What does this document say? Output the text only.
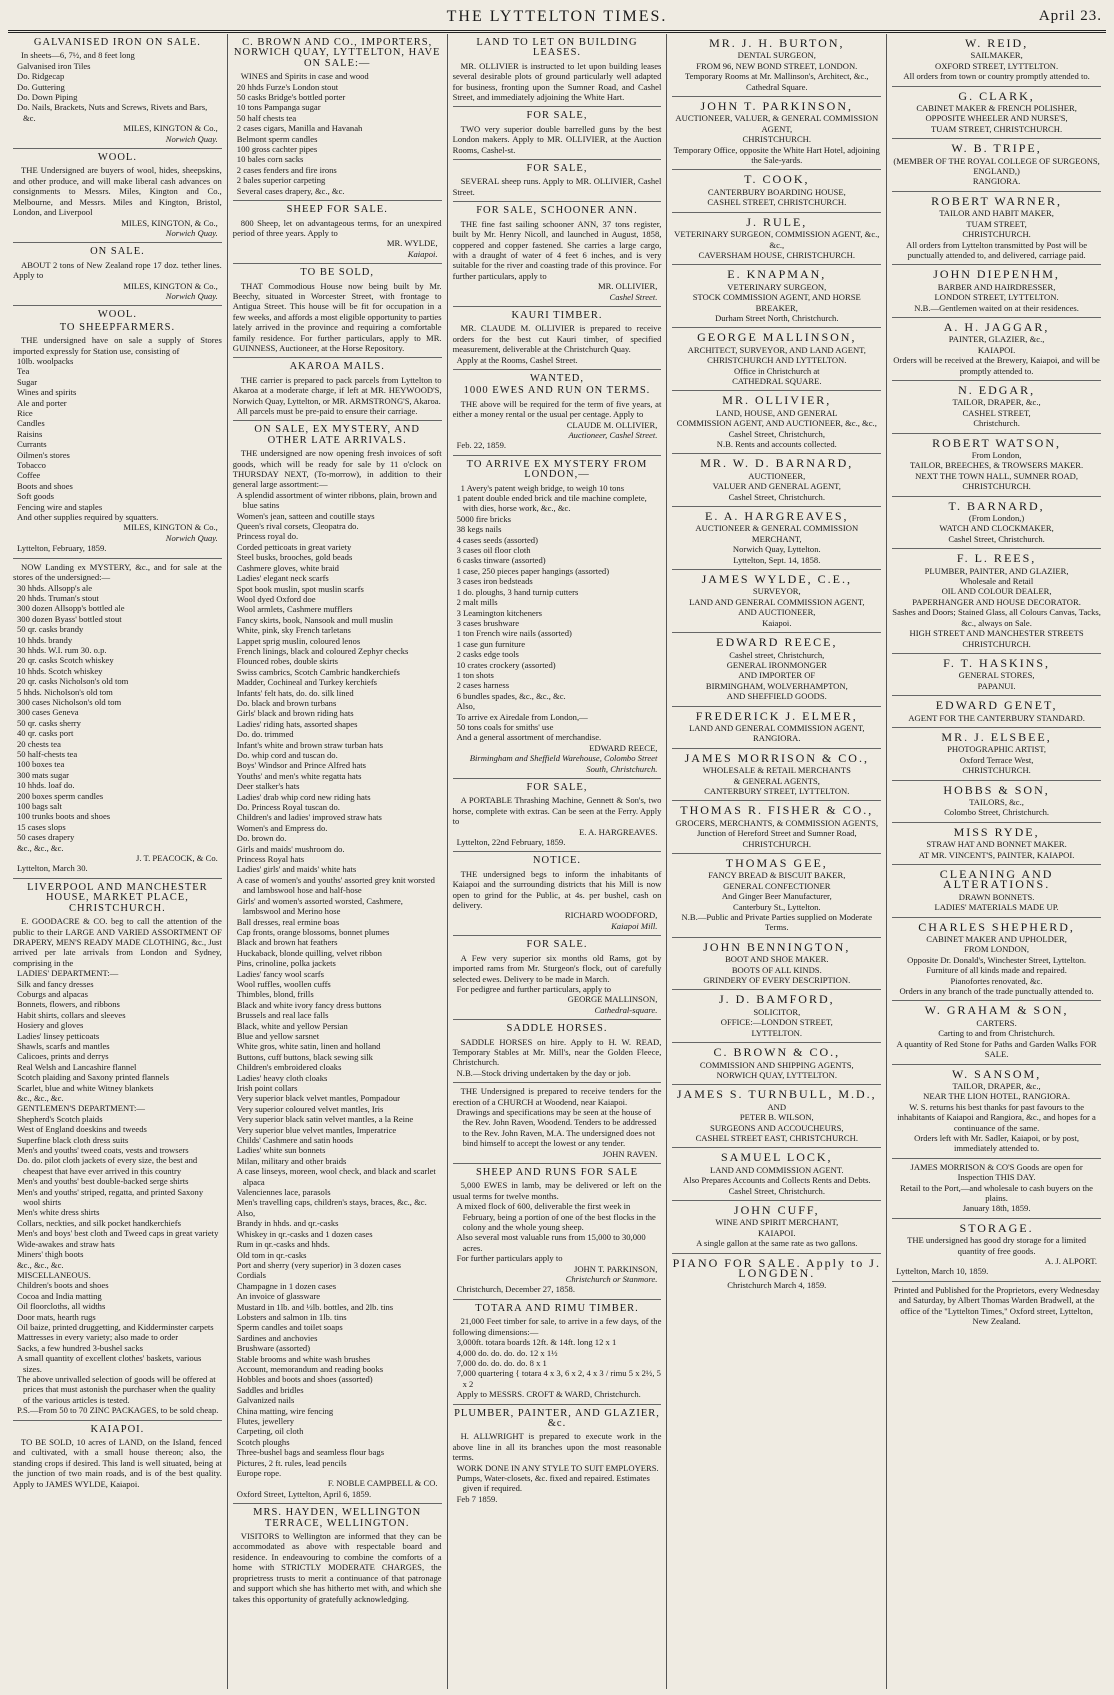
THE LYTTELTON TIMES.	April 23.
GALVANISED IRON ON SALE.
In sheets—6, 7½, and 8 feet long
Galvanised iron Tiles
Do. Ridgecap
Do. Guttering
Do. Down Piping
Do. Nails, Brackets, Nuts and Screws, Rivets and Bars, &c.
MILES, KINGTON & Co.,
Norwich Quay.
WOOL.
THE Undersigned are buyers of wool, hides, sheepskins, and other produce, and will make liberal cash advances on consignments to Messrs. Miles, Kington and Co., Melbourne, and Messrs. Miles and Kington, Bristol, London, and Liverpool
MILES, KINGTON, & Co.,
Norwich Quay.
ON SALE.
ABOUT 2 tons of New Zealand rope 17 doz. tether lines. Apply to
MILES, KINGTON & Co.,
Norwich Quay.
WOOL.
TO SHEEPFARMERS.
THE undersigned have on sale a supply of Stores imported expressly for Station use, consisting of
10lb. woolpacks
Tea
Sugar
Wines and spirits
Ale and porter
Rice
Candles
Raisins
Currants
Oilmen's stores
Tobacco
Coffee
Boots and shoes
Soft goods
Fencing wire and staples
And other supplies required by squatters.
MILES, KINGTON & Co.,
Norwich Quay.
Lyttelton, February, 1859.
NOW Landing ex MYSTERY, &c., and for sale at the stores of the undersigned:—
30 hhds. Allsopp's ale
20 hhds. Truman's stout
300 dozen Allsopp's bottled ale
300 dozen Byass' bottled stout
50 qr. casks brandy
10 hhds. brandy
30 hhds. W.I. rum 30. o.p.
20 qr. casks Scotch whiskey
10 hhds. Scotch whiskey
20 qr. casks Nicholson's old tom
5 hhds. Nicholson's old tom
300 cases Nicholson's old tom
300 cases Geneva
50 qr. casks sherry
40 qr. casks port
20 chests tea
50 half-chests tea
100 boxes tea
300 mats sugar
10 hhds. loaf do.
200 boxes sperm candles
100 bags salt
100 trunks boots and shoes
15 cases slops
50 cases drapery
&c., &c., &c.
J. T. PEACOCK, & Co.
Lyttelton, March 30.
LIVERPOOL AND MANCHESTER HOUSE, MARKET PLACE, CHRISTCHURCH.
E. GOODACRE & CO. beg to call the attention of the public to their LARGE AND VARIED ASSORTMENT OF DRAPERY, MEN'S READY MADE CLOTHING, &c., Just arrived per late arrivals from London and Sydney, comprising in the
LADIES' DEPARTMENT:—
Silk and fancy dresses
Coburgs and alpacas
Bonnets, flowers, and ribbons
Habit shirts, collars and sleeves
Hosiery and gloves
Ladies' linsey petticoats
Shawls, scarfs and mantles
Calicoes, prints and derrys
Real Welsh and Lancashire flannel
Scotch plaiding and Saxony printed flannels
Scarlet, blue and white Witney blankets
&c., &c., &c.
GENTLEMEN'S DEPARTMENT:—
Shepherd's Scotch plaids
West of England doeskins and tweeds
Superfine black cloth dress suits
Men's and youths' tweed coats, vests and trowsers
Do. do. pilot cloth jackets of every size, the best and cheapest that have ever arrived in this country
Men's and youths' best double-backed serge shirts
Men's and youths' striped, regatta, and printed Saxony wool shirts
Men's white dress shirts
Collars, neckties, and silk pocket handkerchiefs
Men's and boys' best cloth and Tweed caps in great variety
Wide-awakes and straw hats
Miners' thigh boots
&c., &c., &c.
MISCELLANEOUS.
Children's boots and shoes
Cocoa and India matting
Oil floorcloths, all widths
Door mats, hearth rugs
Oil baize, printed druggetting, and Kidderminster carpets
Mattresses in every variety; also made to order
Sacks, a few hundred 3-bushel sacks
A small quantity of excellent clothes' baskets, various sizes.
The above unrivalled selection of goods will be offered at prices that must astonish the purchaser when the quality of the various articles is tested.
P.S.—From 50 to 70 ZINC PACKAGES, to be sold cheap.
KAIAPOI.
TO BE SOLD, 10 acres of LAND, on the Island, fenced and cultivated, with a small house thereon; also, the standing crops if desired. This land is well situated, being at the junction of two main roads, and is of the best quality. Apply to JAMES WYLDE, Kaiapoi.
C. BROWN AND CO., IMPORTERS, NORWICH QUAY, LYTTELTON, HAVE ON SALE:—
WINES and Spirits in case and wood
20 hhds Furze's London stout
50 casks Bridge's bottled porter
10 tons Pampanga sugar
50 half chests tea
2 cases cigars, Manilla and Havanah
Belmont sperm candles
100 gross cachter pipes
10 bales corn sacks
2 cases fenders and fire irons
2 bales superior carpeting
Several cases drapery, &c., &c.
SHEEP FOR SALE.
800 Sheep, let on advantageous terms, for an unexpired period of three years. Apply to
MR. WYLDE,
Kaiapoi.
TO BE SOLD,
THAT Commodious House now being built by Mr. Beechy, situated in Worcester Street, with frontage to Antigua Street. This house will be fit for occupation in a few weeks, and affords a most eligible opportunity to parties lately arrived in the province and requiring a comfortable family residence. For further particulars, apply to MR. GUINNESS, Auctioneer, at the Horse Repository.
AKAROA MAILS.
THE carrier is prepared to pack parcels from Lyttelton to Akaroa at a moderate charge, if left at MR. HEYWOOD'S, Norwich Quay, Lyttelton, or MR. ARMSTRONG'S, Akaroa.
All parcels must be pre-paid to ensure their carriage.
ON SALE, EX MYSTERY, AND OTHER LATE ARRIVALS.
THE undersigned are now opening fresh invoices of soft goods, which will be ready for sale by 11 o'clock on THURSDAY NEXT, (To-morrow), in addition to their general large assortment:—
A splendid assortment of winter ribbons, plain, brown and blue satins
Women's jean, satteen and coutille stays
Queen's rival corsets, Cleopatra do.
Princess royal do.
Corded petticoats in great variety
Steel busks, brooches, gold beads
Cashmere gloves, white braid
Ladies' elegant neck scarfs
Spot book muslin, spot muslin scarfs
Wool dyed Oxford doe
Wool armlets, Cashmere mufflers
Fancy skirts, book, Nansook and mull muslin
White, pink, sky French tarletans
Lappet sprig muslin, coloured lenos
French linings, black and coloured Zephyr checks
Flounced robes, double skirts
Swiss cambrics, Scotch Cambric handkerchiefs
Madder, Cochineal and Turkey kerchiefs
Infants' felt hats, do. do. silk lined
Do. black and brown turbans
Girls' black and brown riding hats
Ladies' riding hats, assorted shapes
Do. do. trimmed
Infant's white and brown straw turban hats
Do. whip cord and tuscan do.
Boys' Windsor and Prince Alfred hats
Youths' and men's white regatta hats
Deer stalker's hats
Ladies' drab whip cord new riding hats
Do. Princess Royal tuscan do.
Children's and ladies' improved straw hats
Women's and Empress do.
Do. brown do.
Girls and maids' mushroom do.
Princess Royal hats
Ladies' girls' and maids' white hats
A case of women's and youths' assorted grey knit worsted and lambswool hose and half-hose
Girls' and women's assorted worsted, Cashmere, lambswool and Merino hose
Ball dresses, real ermine boas
Cap fronts, orange blossoms, bonnet plumes
Black and brown hat feathers
Huckaback, blonde quilling, velvet ribbon
Pins, crinoline, polka jackets
Ladies' fancy wool scarfs
Wool ruffles, woollen cuffs
Thimbles, blond, frills
Black and white ivory fancy dress buttons
Brussels and real lace falls
Black, white and yellow Persian
Blue and yellow sarsnet
White gros, white satin, linen and holland
Buttons, cuff buttons, black sewing silk
Children's embroidered cloaks
Ladies' heavy cloth cloaks
Irish point collars
Very superior black velvet mantles, Pompadour
Very superior coloured velvet mantles, Iris
Very superior black satin velvet mantles, a la Reine
Very superior blue velvet mantles, Imperatrice
Childs' Cashmere and satin hoods
Ladies' white sun bonnets
Milan, military and other braids
A case linseys, moreen, wool check, and black and scarlet alpaca
Valenciennes lace, parasols
Men's travelling caps, children's stays, braces, &c., &c.
Also,
Brandy in hhds. and qr.-casks
Whiskey in qr.-casks and 1 dozen cases
Rum in qr.-casks and hhds.
Old tom in qr.-casks
Port and sherry (very superior) in 3 dozen cases
Cordials
Champagne in 1 dozen cases
An invoice of glassware
Mustard in 1lb. and ½lb. bottles, and 2lb. tins
Lobsters and salmon in 1lb. tins
Sperm candles and toilet soaps
Sardines and anchovies
Brushware (assorted)
Stable brooms and white wash brushes
Account, memorandum and reading books
Hobbles and boots and shoes (assorted)
Saddles and bridles
Galvanized nails
China matting, wire fencing
Flutes, jewellery
Carpeting, oil cloth
Scotch ploughs
Three-bushel bags and seamless flour bags
Pictures, 2 ft. rules, lead pencils
Europe rope.
F. NOBLE CAMPBELL & CO.
Oxford Street, Lyttelton, April 6, 1859.
MRS. HAYDEN, WELLINGTON TERRACE, WELLINGTON.
VISITORS to Wellington are informed that they can be accommodated as above with respectable board and residence. In endeavouring to combine the comforts of a home with STRICTLY MODERATE CHARGES, the proprietress trusts to merit a continuance of that patronage and support which she has hitherto met with, and which she takes this opportunity of gratefully acknowledging.
LAND TO LET ON BUILDING LEASES.
MR. OLLIVIER is instructed to let upon building leases several desirable plots of ground particularly well adapted for business, fronting upon the Sumner Road, and Cashel Street, and immediately adjoining the White Hart.
FOR SALE,
TWO very superior double barrelled guns by the best London makers. Apply to MR. OLLIVIER, at the Auction Rooms, Cashel-st.
FOR SALE,
SEVERAL sheep runs. Apply to MR. OLLIVIER, Cashel Street.
FOR SALE, SCHOONER ANN.
THE fine fast sailing schooner ANN, 37 tons register, built by Mr. Henry Nicoll, and launched in August, 1858, coppered and copper fastened. She carries a large cargo, with a draught of water of 4 feet 6 inches, and is very suitable for the river and coasting trade of this province. For further particulars, apply to
MR. OLLIVIER,
Cashel Street.
KAURI TIMBER.
MR. CLAUDE M. OLLIVIER is prepared to receive orders for the best cut Kauri timber, of specified measurement, deliverable at the Christchurch Quay.
Apply at the Rooms, Cashel Street.
WANTED,
1000 EWES AND RUN ON TERMS.
THE above will be required for the term of five years, at either a money rental or the usual per centage. Apply to
CLAUDE M. OLLIVIER,
Auctioneer, Cashel Street.
Feb. 22, 1859.
TO ARRIVE EX MYSTERY FROM LONDON,—
1 Avery's patent weigh bridge, to weigh 10 tons
1 patent double ended brick and tile machine complete, with dies, horse work, &c., &c.
5000 fire bricks
38 kegs nails
4 cases seeds (assorted)
3 cases oil floor cloth
6 casks tinware (assorted)
1 case, 250 pieces paper hangings (assorted)
3 cases iron bedsteads
1 do. ploughs, 3 hand turnip cutters
2 malt mills
3 Leamington kitcheners
3 cases brushware
1 ton French wire nails (assorted)
1 case gun furniture
2 casks edge tools
10 crates crockery (assorted)
1 ton shots
2 cases harness
6 bundles spades, &c., &c., &c.
Also,
To arrive ex Airedale from London,—
50 tons coals for smiths' use
And a general assortment of merchandise.
EDWARD REECE,
Birmingham and Sheffield Warehouse, Colombo Street South, Christchurch.
FOR SALE,
A PORTABLE Thrashing Machine, Gennett & Son's, two horse, complete with extras. Can be seen at the Ferry. Apply to
E. A. HARGREAVES.
Lyttelton, 22nd February, 1859.
NOTICE.
THE undersigned begs to inform the inhabitants of Kaiapoi and the surrounding districts that his Mill is now open to grind for the Public, at 4s. per bushel, cash on delivery.
RICHARD WOODFORD,
Kaiapoi Mill.
FOR SALE.
A Few very superior six months old Rams, got by imported rams from Mr. Sturgeon's flock, out of carefully selected ewes. Delivery to be made in March.
For pedigree and further particulars, apply to
GEORGE MALLINSON,
Cathedral-square.
SADDLE HORSES.
SADDLE HORSES on hire. Apply to H. W. READ, Temporary Stables at Mr. Mill's, near the Golden Fleece, Christchurch.
N.B.—Stock driving undertaken by the day or job.
THE Undersigned is prepared to receive tenders for the erection of a CHURCH at Woodend, near Kaiapoi.
Drawings and specifications may be seen at the house of the Rev. John Raven, Woodend. Tenders to be addressed to the Rev. John Raven, M.A. The undersigned does not bind himself to accept the lowest or any tender.
JOHN RAVEN.
SHEEP AND RUNS FOR SALE
5,000 EWES in lamb, may be delivered or left on the usual terms for twelve months.
A mixed flock of 600, deliverable the first week in February, being a portion of one of the best flocks in the colony and the whole young sheep.
Also several most valuable runs from 15,000 to 30,000 acres.
For further particulars apply to
JOHN T. PARKINSON,
Christchurch or Stanmore.
Christchurch, December 27, 1858.
TOTARA AND RIMU TIMBER.
21,000 Feet timber for sale, to arrive in a few days, of the following dimensions:—
3,000ft. totara boards 12ft. & 14ft. long 12 x 1
4,000 do. do. do. do. 12 x 1½
7,000 do. do. do. do. 8 x 1
7,000 quartering { totara 4 x 3, 6 x 2, 4 x 3 / rimu 5 x 2½, 5 x 2
Apply to MESSRS. CROFT & WARD, Christchurch.
PLUMBER, PAINTER, AND GLAZIER, &c.
H. ALLWRIGHT is prepared to execute work in the above line in all its branches upon the most reasonable terms.
WORK DONE IN ANY STYLE TO SUIT EMPLOYERS.
Pumps, Water-closets, &c. fixed and repaired. Estimates given if required.
Feb 7 1859.
MR. J. H. BURTON,
DENTAL SURGEON,
FROM 96, NEW BOND STREET, LONDON.
Temporary Rooms at Mr. Mallinson's, Architect, &c., Cathedral Square.
JOHN T. PARKINSON,
AUCTIONEER, VALUER, & GENERAL COMMISSION AGENT,
CHRISTCHURCH.
Temporary Office, opposite the White Hart Hotel, adjoining the Sale-yards.
T. COOK,
CANTERBURY BOARDING HOUSE,
CASHEL STREET, CHRISTCHURCH.
J. RULE,
VETERINARY SURGEON, COMMISSION AGENT, &c., &c.,
CAVERSHAM HOUSE, CHRISTCHURCH.
E. KNAPMAN,
VETERINARY SURGEON,
STOCK COMMISSION AGENT, AND HORSE BREAKER,
Durham Street North, Christchurch.
GEORGE MALLINSON,
ARCHITECT, SURVEYOR, AND LAND AGENT,
CHRISTCHURCH AND LYTTELTON.
Office in Christchurch at
CATHEDRAL SQUARE.
MR. OLLIVIER,
LAND, HOUSE, AND GENERAL
COMMISSION AGENT, AND AUCTIONEER, &c., &c.,
Cashel Street, Christchurch,
N.B. Rents and accounts collected.
MR. W. D. BARNARD,
AUCTIONEER,
VALUER AND GENERAL AGENT,
Cashel Street, Christchurch.
E. A. HARGREAVES,
AUCTIONEER & GENERAL COMMISSION MERCHANT,
Norwich Quay, Lyttelton.
Lyttelton, Sept. 14, 1858.
JAMES WYLDE, C.E.,
SURVEYOR,
LAND AND GENERAL COMMISSION AGENT,
AND AUCTIONEER,
Kaiapoi.
EDWARD REECE,
Cashel street, Christchurch,
GENERAL IRONMONGER
AND IMPORTER OF
BIRMINGHAM, WOLVERHAMPTON,
AND SHEFFIELD GOODS.
FREDERICK J. ELMER,
LAND AND GENERAL COMMISSION AGENT,
RANGIORA.
JAMES MORRISON & CO.,
WHOLESALE & RETAIL MERCHANTS
& GENERAL AGENTS,
CANTERBURY STREET, LYTTELTON.
THOMAS R. FISHER & CO.,
GROCERS, MERCHANTS, & COMMISSION AGENTS,
Junction of Hereford Street and Sumner Road,
CHRISTCHURCH.
THOMAS GEE,
FANCY BREAD & BISCUIT BAKER,
GENERAL CONFECTIONER
And Ginger Beer Manufacturer,
Canterbury St., Lyttelton.
N.B.—Public and Private Parties supplied on Moderate Terms.
JOHN BENNINGTON,
BOOT AND SHOE MAKER.
BOOTS OF ALL KINDS.
GRINDERY OF EVERY DESCRIPTION.
J. D. BAMFORD,
SOLICITOR,
OFFICE:—LONDON STREET,
LYTTELTON.
C. BROWN & CO.,
COMMISSION AND SHIPPING AGENTS,
NORWICH QUAY, LYTTELTON.
JAMES S. TURNBULL, M.D.,
AND
PETER B. WILSON,
SURGEONS AND ACCOUCHEURS,
CASHEL STREET EAST, CHRISTCHURCH.
SAMUEL LOCK,
LAND AND COMMISSION AGENT.
Also Prepares Accounts and Collects Rents and Debts.
Cashel Street, Christchurch.
JOHN CUFF,
WINE AND SPIRIT MERCHANT,
KAIAPOI.
A single gallon at the same rate as two gallons.
PIANO FOR SALE. Apply to J. LONGDEN.
Christchurch March 4, 1859.
W. REID,
SAILMAKER,
OXFORD STREET, LYTTELTON.
All orders from town or country promptly attended to.
G. CLARK,
CABINET MAKER & FRENCH POLISHER,
OPPOSITE WHEELER AND NURSE'S,
TUAM STREET, CHRISTCHURCH.
W. B. TRIPE,
(MEMBER OF THE ROYAL COLLEGE OF SURGEONS, ENGLAND,)
RANGIORA.
ROBERT WARNER,
TAILOR AND HABIT MAKER,
TUAM STREET,
CHRISTCHURCH.
All orders from Lyttelton transmitted by Post will be punctually attended to, and delivered, carriage paid.
JOHN DIEPENHM,
BARBER AND HAIRDRESSER,
LONDON STREET, LYTTELTON.
N.B.—Gentlemen waited on at their residences.
A. H. JAGGAR,
PAINTER, GLAZIER, &c.,
KAIAPOI.
Orders will be received at the Brewery, Kaiapoi, and will be promptly attended to.
N. EDGAR,
TAILOR, DRAPER, &c.,
CASHEL STREET,
Christchurch.
ROBERT WATSON,
From London,
TAILOR, BREECHES, & TROWSERS MAKER.
NEXT THE TOWN HALL, SUMNER ROAD,
CHRISTCHURCH.
T. BARNARD,
(From London,)
WATCH AND CLOCKMAKER,
Cashel Street, Christchurch.
F. L. REES,
PLUMBER, PAINTER, AND GLAZIER,
Wholesale and Retail
OIL AND COLOUR DEALER,
PAPERHANGER AND HOUSE DECORATOR.
Sashes and Doors; Stained Glass, all Colours Canvas, Tacks, &c., always on Sale.
HIGH STREET AND MANCHESTER STREETS CHRISTCHURCH.
F. T. HASKINS,
GENERAL STORES,
PAPANUI.
EDWARD GENET,
AGENT FOR THE CANTERBURY STANDARD.
MR. J. ELSBEE,
PHOTOGRAPHIC ARTIST,
Oxford Terrace West,
CHRISTCHURCH.
HOBBS & SON,
TAILORS, &c.,
Colombo Street, Christchurch.
MISS RYDE,
STRAW HAT AND BONNET MAKER.
AT MR. VINCENT'S, PAINTER, KAIAPOI.
CLEANING AND ALTERATIONS.
DRAWN BONNETS.
LADIES' MATERIALS MADE UP.
CHARLES SHEPHERD,
CABINET MAKER AND UPHOLDER,
FROM LONDON,
Opposite Dr. Donald's, Winchester Street, Lyttelton.
Furniture of all kinds made and repaired.
Pianofortes renovated, &c.
Orders in any branch of the trade punctually attended to.
W. GRAHAM & SON,
CARTERS.
Carting to and from Christchurch.
A quantity of Red Stone for Paths and Garden Walks FOR SALE.
W. SANSOM,
TAILOR, DRAPER, &c.,
NEAR THE LION HOTEL, RANGIORA.
W. S. returns his best thanks for past favours to the inhabitants of Kaiapoi and Rangiora, &c., and hopes for a continuance of the same.
Orders left with Mr. Sadler, Kaiapoi, or by post, immediately attended to.
JAMES MORRISON & CO'S Goods are open for Inspection THIS DAY.
Retail to the Port,—and wholesale to cash buyers on the plains.
January 18th, 1859.
STORAGE.
THE undersigned has good dry storage for a limited quantity of free goods.
A. J. ALPORT.
Lyttelton, March 10, 1859.
Printed and Published for the Proprietors, every Wednesday and Saturday, by Albert Thomas Warden Bradwell, at the office of the "Lyttelton Times," Oxford street, Lyttelton, New Zealand.
